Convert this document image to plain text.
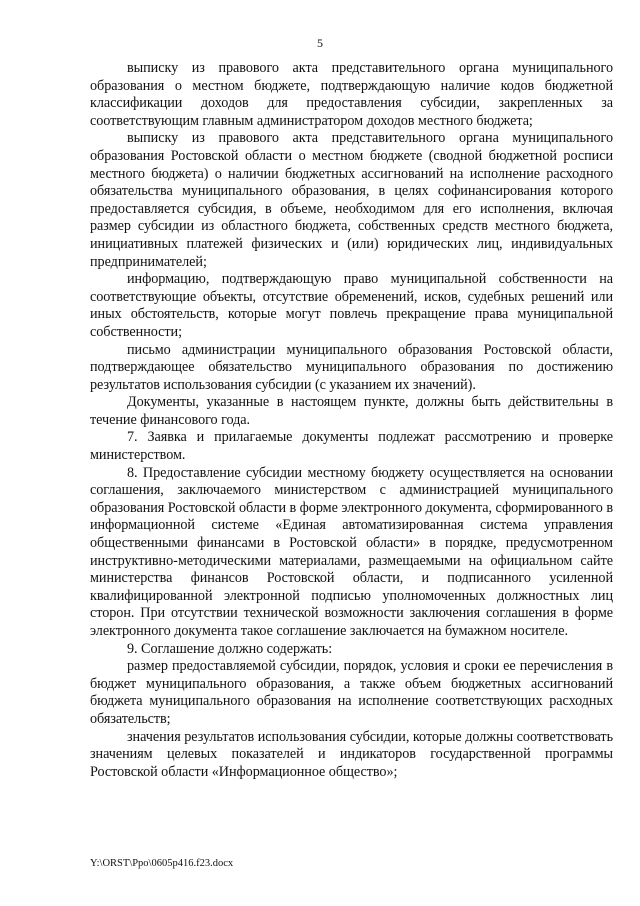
5

выписку из правового акта представительного органа муниципального образования о местном бюджете, подтверждающую наличие кодов бюджетной классификации доходов для предоставления субсидии, закрепленных за соответствующим главным администратором доходов местного бюджета;

выписку из правового акта представительного органа муниципального образования Ростовской области о местном бюджете (сводной бюджетной росписи местного бюджета) о наличии бюджетных ассигнований на исполнение расходного обязательства муниципального образования, в целях софинансирования которого предоставляется субсидия, в объеме, необходимом для его исполнения, включая размер субсидии из областного бюджета, собственных средств местного бюджета, инициативных платежей физических и (или) юридических лиц, индивидуальных предпринимателей;

информацию, подтверждающую право муниципальной собственности на соответствующие объекты, отсутствие обременений, исков, судебных решений или иных обстоятельств, которые могут повлечь прекращение права муниципальной собственности;

письмо администрации муниципального образования Ростовской области, подтверждающее обязательство муниципального образования по достижению результатов использования субсидии (с указанием их значений).

Документы, указанные в настоящем пункте, должны быть действительны в течение финансового года.

7. Заявка и прилагаемые документы подлежат рассмотрению и проверке министерством.

8. Предоставление субсидии местному бюджету осуществляется на основании соглашения, заключаемого министерством с администрацией муниципального образования Ростовской области в форме электронного документа, сформированного в информационной системе «Единая автоматизированная система управления общественными финансами в Ростовской области» в порядке, предусмотренном инструктивно-методическими материалами, размещаемыми на официальном сайте министерства финансов Ростовской области, и подписанного усиленной квалифицированной электронной подписью уполномоченных должностных лиц сторон. При отсутствии технической возможности заключения соглашения в форме электронного документа такое соглашение заключается на бумажном носителе.

9. Соглашение должно содержать:

размер предоставляемой субсидии, порядок, условия и сроки ее перечисления в бюджет муниципального образования, а также объем бюджетных ассигнований бюджета муниципального образования на исполнение соответствующих расходных обязательств;

значения результатов использования субсидии, которые должны соответствовать значениям целевых показателей и индикаторов государственной программы Ростовской области «Информационное общество»;

Y:\ORST\Ppo\0605p416.f23.docx
